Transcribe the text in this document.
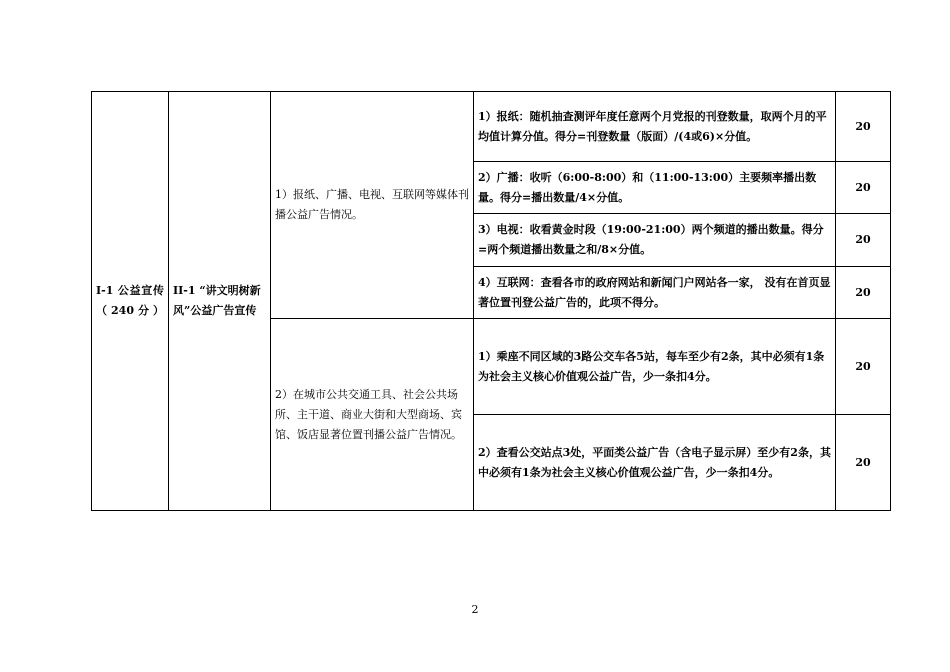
I-1 公益宣传（240分）	II-1 “讲文明树新风”公益广告宣传	1）报纸、广播、电视、互联网等媒体刊播公益广告情况。	1）报纸：随机抽查测评年度任意两个月党报的刊登数量，取两个月的平均值计算分值。得分=刊登数量（版面）/(4或6)×分值。	20
			2）广播：收听（6:00-8:00）和（11:00-13:00）主要频率播出数量。得分=播出数量/4×分值。	20
			3）电视：收看黄金时段（19:00-21:00）两个频道的播出数量。得分=两个频道播出数量之和/8×分值。	20
			4）互联网：查看各市的政府网站和新闻门户网站各一家， 没有在首页显著位置刊登公益广告的，此项不得分。	20
		2）在城市公共交通工具、社会公共场所、主干道、商业大街和大型商场、宾馆、饭店显著位置刊播公益广告情况。	1）乘座不同区域的3路公交车各5站，每车至少有2条，其中必须有1条为社会主义核心价值观公益广告，少一条扣4分。	20
			2）查看公交站点3处，平面类公益广告（含电子显示屏）至少有2条，其中必须有1条为社会主义核心价值观公益广告，少一条扣4分。	20
2
